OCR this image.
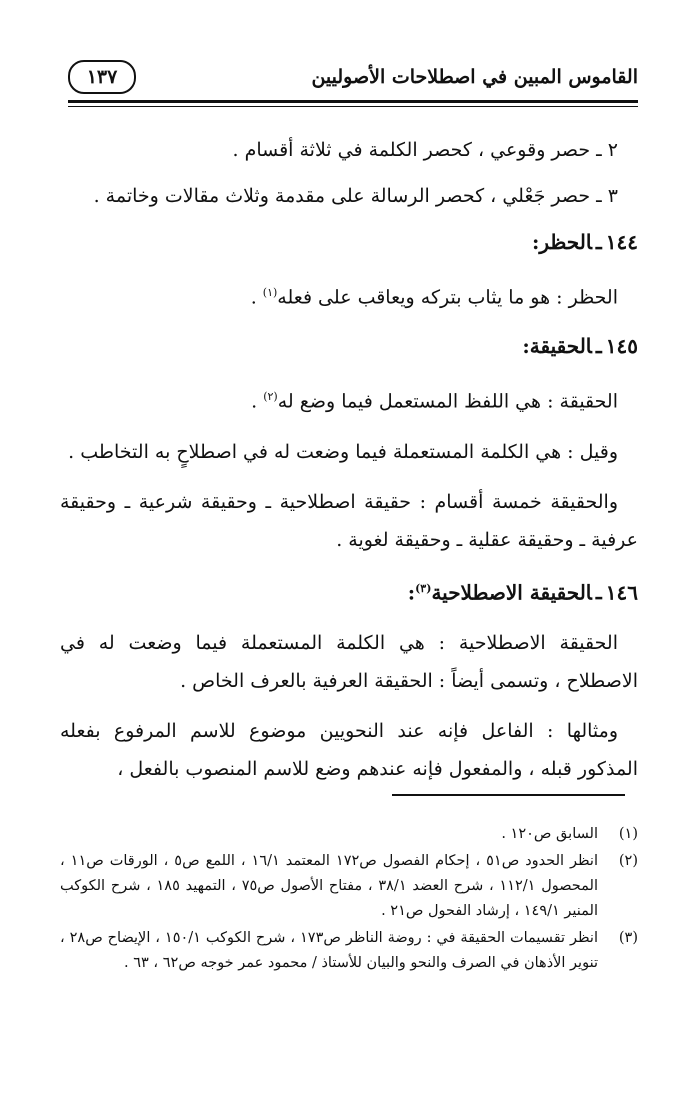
القاموس المبين في اصطلاحات الأصوليين
١٣٧

٢ ـ حصر وقوعي ، كحصر الكلمة في ثلاثة أقسام .

٣ ـ حصر جَعْلي ، كحصر الرسالة على مقدمة وثلاث مقالات وخاتمة .

١٤٤ـالحظر:

الحظر : هو ما يثاب بتركه ويعاقب على فعله$^{(١)}$ .

١٤٥ـالحقيقة:

الحقيقة : هي اللفظ المستعمل فيما وضع له$^{(٢)}$ .

وقيل : هي الكلمة المستعملة فيما وضعت له في اصطلاحٍ به التخاطب .

والحقيقة خمسة أقسام : حقيقة اصطلاحية ـ وحقيقة شرعية ـ وحقيقة عرفية ـ وحقيقة عقلية ـ وحقيقة لغوية .

١٤٦ـالحقيقة الاصطلاحية$^{(٣)}$:

الحقيقة الاصطلاحية : هي الكلمة المستعملة فيما وضعت له في الاصطلاح ، وتسمى أيضاً : الحقيقة العرفية بالعرف الخاص .

ومثالها : الفاعل فإنه عند النحويين موضوع للاسم المرفوع بفعله المذكور قبله ، والمفعول فإنه عندهم وضع للاسم المنصوب بالفعل ،

(١)
السابق ص١٢٠ .
(٢)
انظر الحدود ص٥١ ، إحكام الفصول ص١٧٢ المعتمد ١٦/١ ، اللمع ص٥ ، الورقات ص١١ ، المحصول ١١٢/١ ، شرح العضد ٣٨/١ ، مفتاح الأصول ص٧٥ ، التمهيد ١٨٥ ، شرح الكوكب المنير ١٤٩/١ ، إرشاد الفحول ص٢١ .
(٣)
انظر تقسيمات الحقيقة في : روضة الناظر ص١٧٣ ، شرح الكوكب ١٥٠/١ ، الإيضاح ص٢٨ ، تنوير الأذهان في الصرف والنحو والبيان للأستاذ / محمود عمر خوجه ص٦٢ ، ٦٣ .
